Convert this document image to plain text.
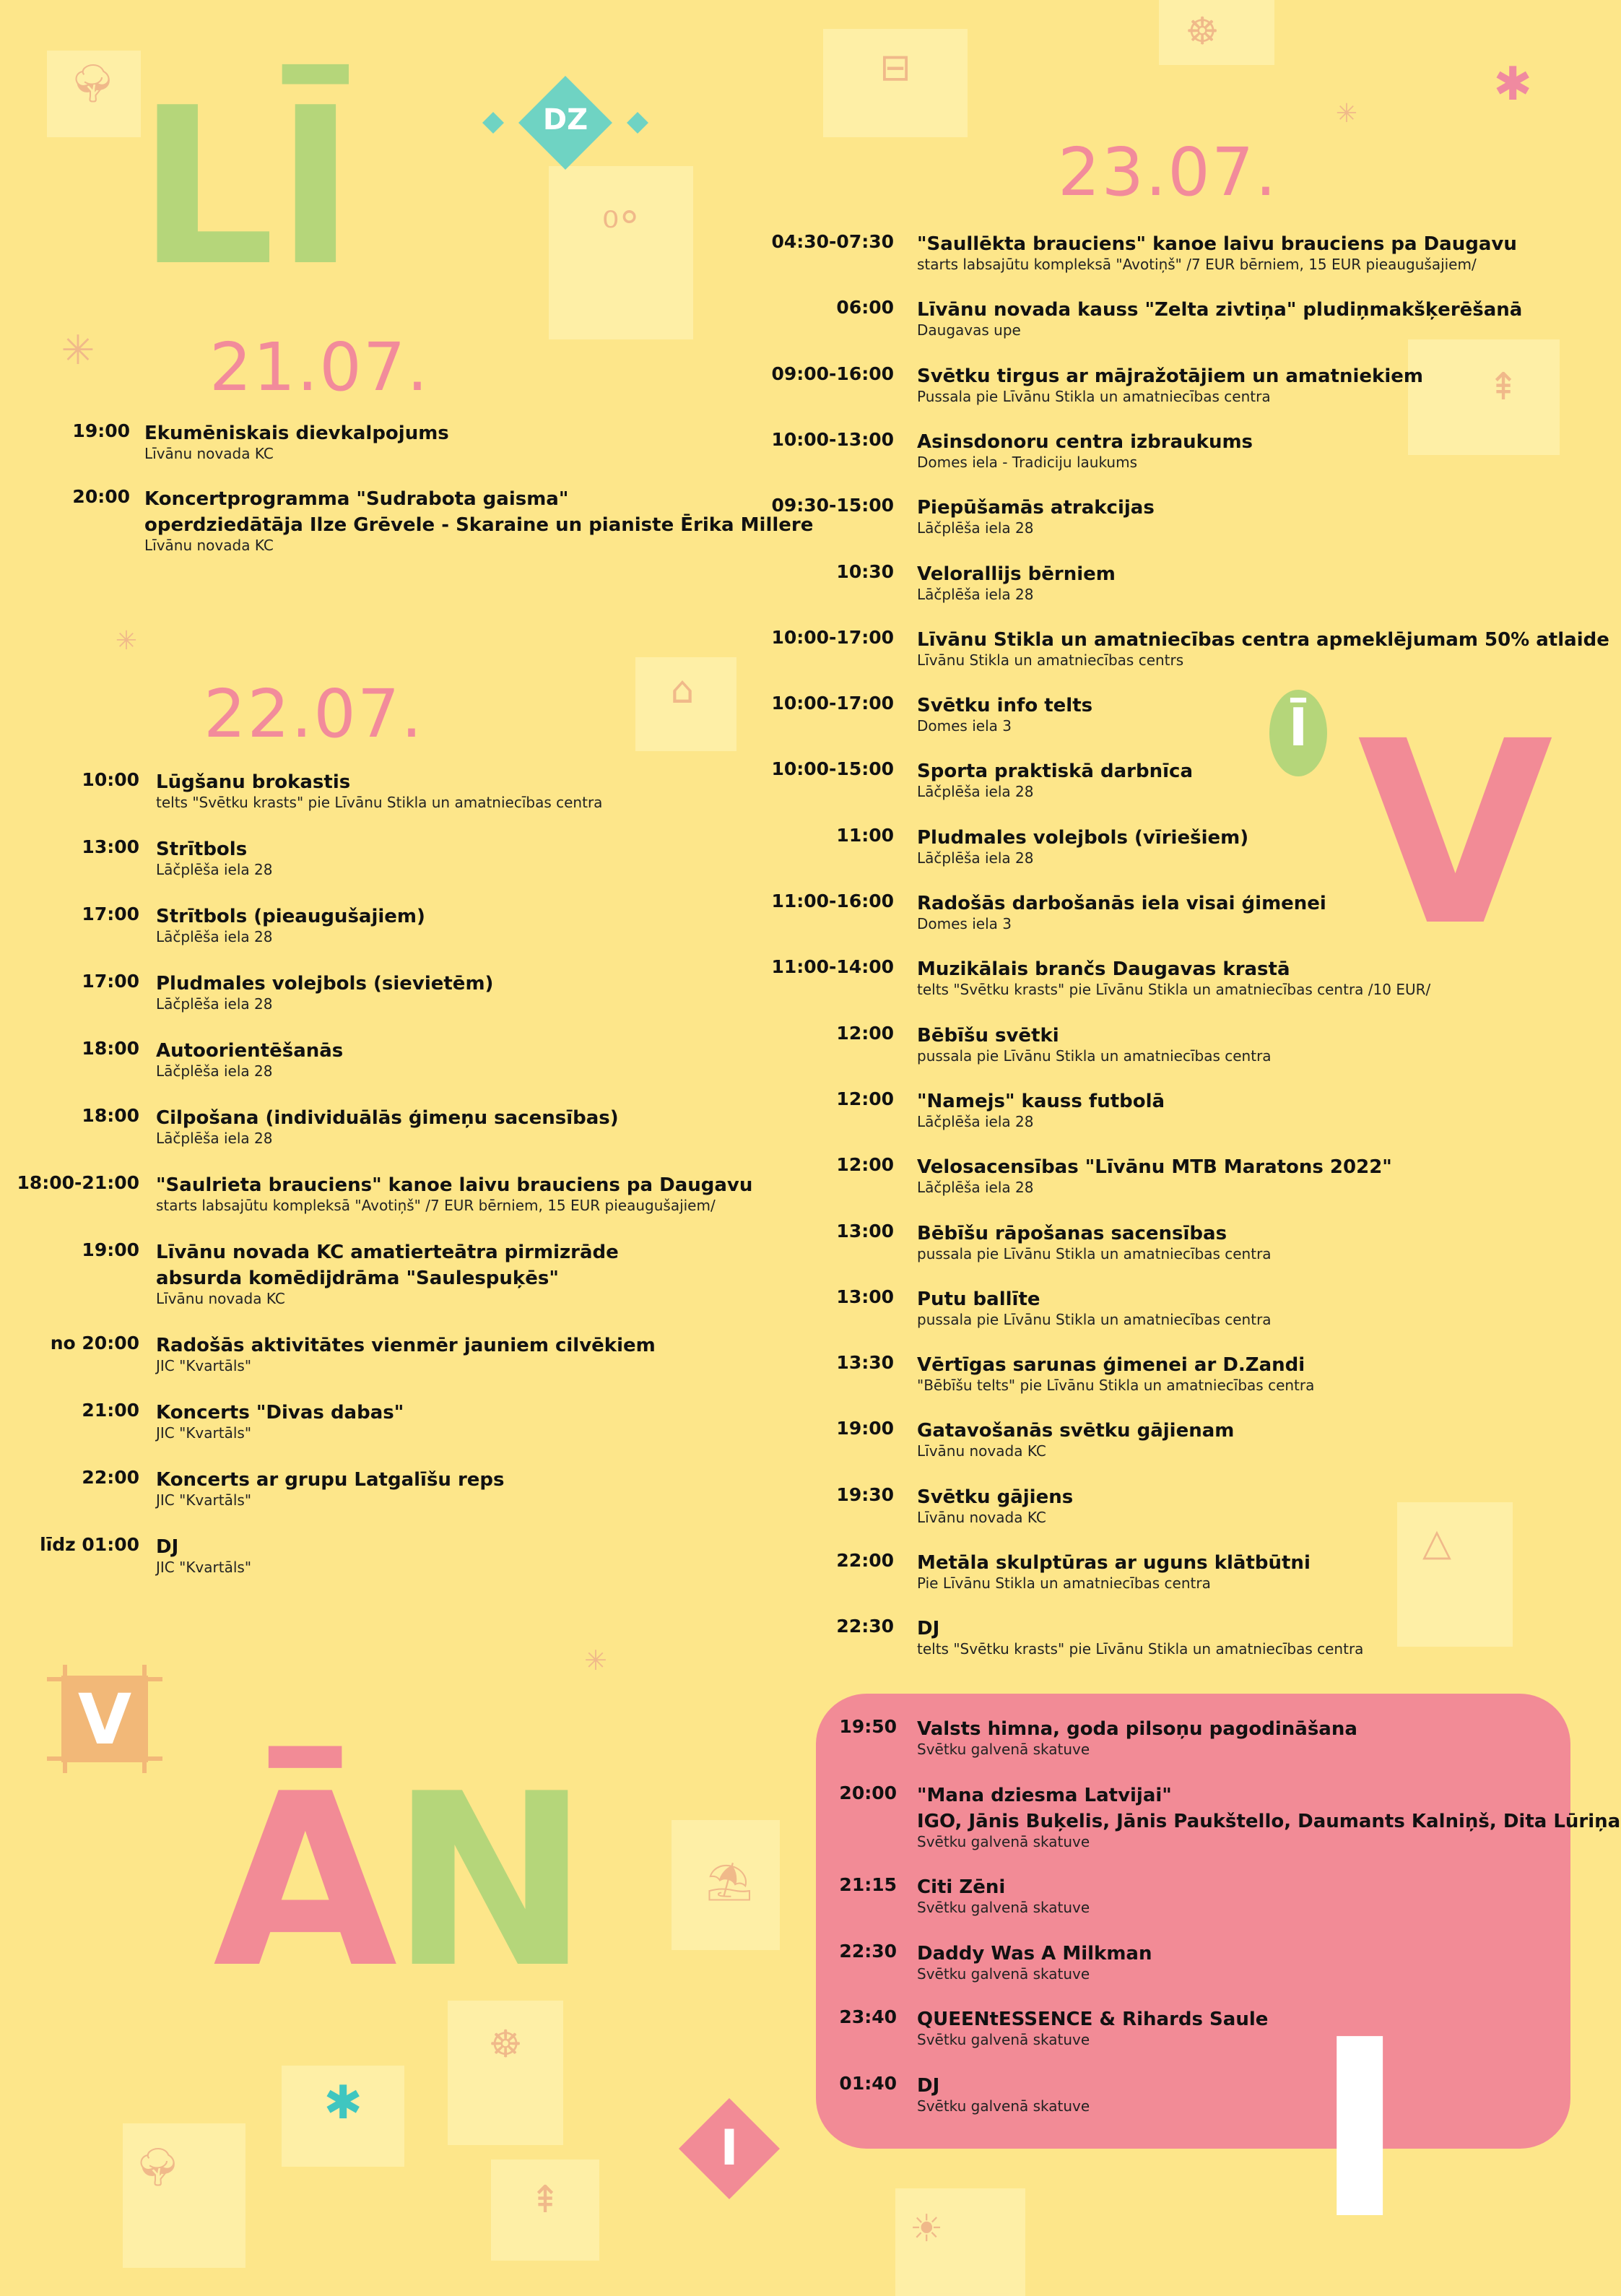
🌳︎	⊟
☸
✱
✳
⁰°
✳
⇞
✳
⌂
△
✳
⛱︎
☸
✱
🌳︎
⇞
☀
LĪ	DZ
Ī V
V
ĀN
I
21.07.
19:00 Ekumēniskais dievkalpojums
Līvānu novada KC
20:00 Koncertprogramma "Sudrabota gaisma"
operdziedātāja Ilze Grēvele - Skaraine un pianiste Ērika Millere
Līvānu novada KC
22.07.
10:00 Lūgšanu brokastis
telts "Svētku krasts" pie Līvānu Stikla un amatniecības centra
13:00 Strītbols
Lāčplēša iela 28
17:00 Strītbols (pieaugušajiem)
Lāčplēša iela 28
17:00 Pludmales volejbols (sievietēm)
Lāčplēša iela 28
18:00 Autoorientēšanās
Lāčplēša iela 28
18:00 Cilpošana (individuālās ģimeņu sacensības)
Lāčplēša iela 28
18:00-21:00 "Saulrieta brauciens" kanoe laivu brauciens pa Daugavu
starts labsajūtu kompleksā "Avotiņš" /7 EUR bērniem, 15 EUR pieaugušajiem/
19:00 Līvānu novada KC amatierteātra pirmizrāde
absurda komēdijdrāma "Saulespuķēs"
Līvānu novada KC
no 20:00 Radošās aktivitātes vienmēr jauniem cilvēkiem
JIC "Kvartāls"
21:00 Koncerts "Divas dabas"
JIC "Kvartāls"
22:00 Koncerts ar grupu Latgalīšu reps
JIC "Kvartāls"
līdz 01:00 DJ
JIC "Kvartāls"
23.07.
04:30-07:30 "Saullēkta brauciens" kanoe laivu brauciens pa Daugavu
starts labsajūtu kompleksā "Avotiņš" /7 EUR bērniem, 15 EUR pieaugušajiem/
06:00 Līvānu novada kauss "Zelta zivtiņa" pludiņmakšķerēšanā
Daugavas upe
09:00-16:00 Svētku tirgus ar mājražotājiem un amatniekiem
Pussala pie Līvānu Stikla un amatniecības centra
10:00-13:00 Asinsdonoru centra izbraukums
Domes iela - Tradiciju laukums
09:30-15:00 Piepūšamās atrakcijas
Lāčplēša iela 28
10:30 Velorallijs bērniem
Lāčplēša iela 28
10:00-17:00 Līvānu Stikla un amatniecības centra apmeklējumam 50% atlaide
Līvānu Stikla un amatniecības centrs
10:00-17:00 Svētku info telts
Domes iela 3
10:00-15:00 Sporta praktiskā darbnīca
Lāčplēša iela 28
11:00 Pludmales volejbols (vīriešiem)
Lāčplēša iela 28
11:00-16:00 Radošās darbošanās iela visai ģimenei
Domes iela 3
11:00-14:00 Muzikālais brančs Daugavas krastā
telts "Svētku krasts" pie Līvānu Stikla un amatniecības centra /10 EUR/
12:00 Bēbīšu svētki
pussala pie Līvānu Stikla un amatniecības centra
12:00 "Namejs" kauss futbolā
Lāčplēša iela 28
12:00 Velosacensības "Līvānu MTB Maratons 2022"
Lāčplēša iela 28
13:00 Bēbīšu rāpošanas sacensības
pussala pie Līvānu Stikla un amatniecības centra
13:00 Putu ballīte
pussala pie Līvānu Stikla un amatniecības centra
13:30 Vērtīgas sarunas ģimenei ar D.Zandi
"Bēbīšu telts" pie Līvānu Stikla un amatniecības centra
19:00 Gatavošanās svētku gājienam
Līvānu novada KC
19:30 Svētku gājiens
Līvānu novada KC
22:00 Metāla skulptūras ar uguns klātbūtni
Pie Līvānu Stikla un amatniecības centra
22:30 DJ
telts "Svētku krasts" pie Līvānu Stikla un amatniecības centra
19:50 Valsts himna, goda pilsoņu pagodināšana
Svētku galvenā skatuve
20:00 "Mana dziesma Latvijai"
IGO, Jānis Buķelis, Jānis Paukštello, Daumants Kalniņš, Dita Lūriņa
Svētku galvenā skatuve
21:15 Citi Zēni
Svētku galvenā skatuve
22:30 Daddy Was A Milkman
Svētku galvenā skatuve
23:40 QUEENtESSENCE & Rihards Saule
Svētku galvenā skatuve
01:40 DJ
Svētku galvenā skatuve I
